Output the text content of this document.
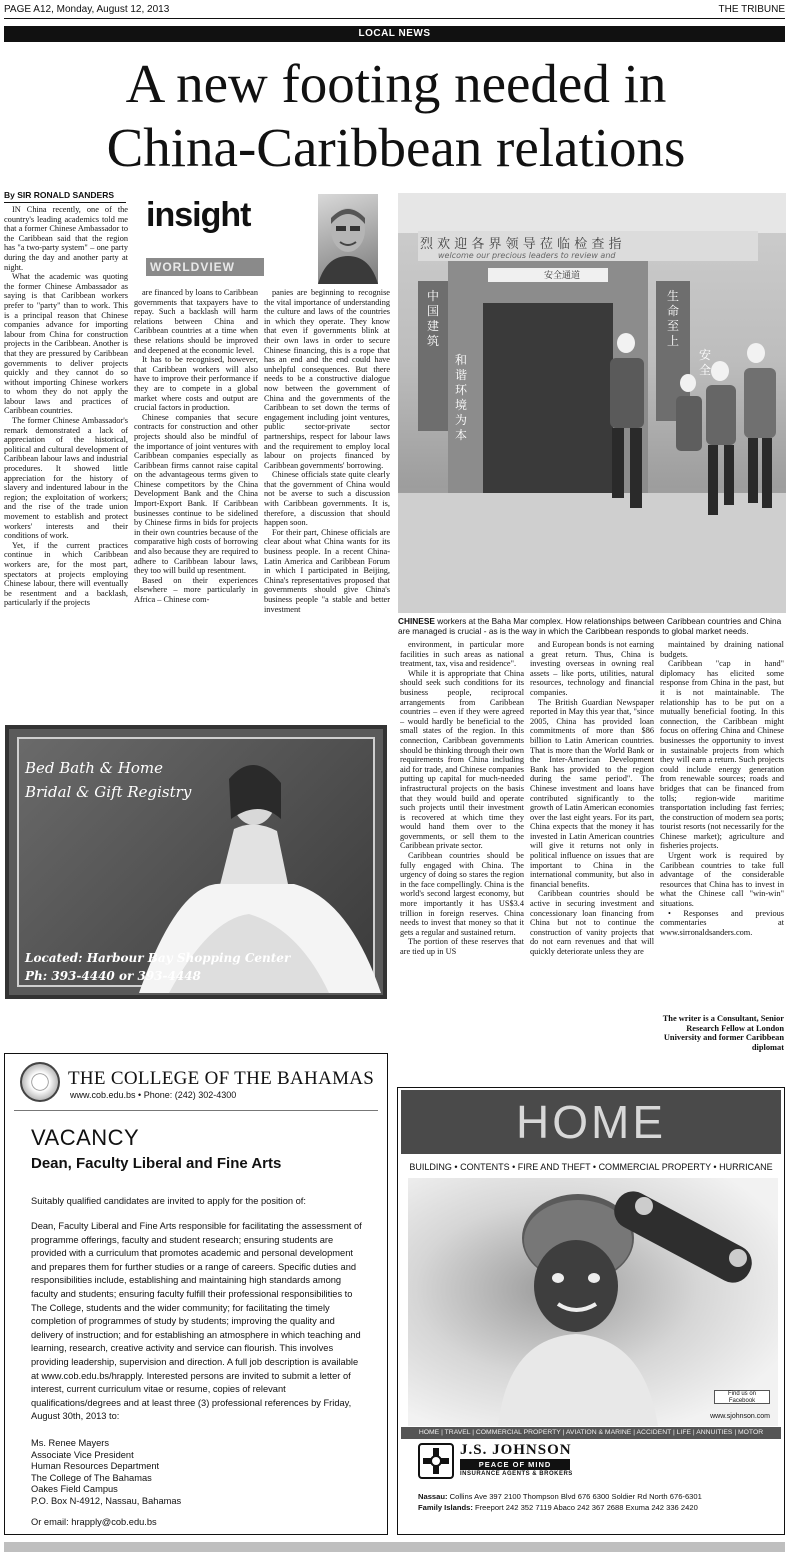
PAGE A12, Monday, August 12, 2013	THE TRIBUNE
LOCAL NEWS
A new footing needed in
China-Caribbean relations
By SIR RONALD SANDERS
insight
WORLDVIEW

IN China recently, one of the country's leading academics told me that a former Chinese Ambassador to the Caribbean said that the region has "a two-party system" – one party during the day and another party at night.

What the academic was quoting the former Chinese Ambassador as saying is that Caribbean workers prefer to "party" than to work. This is a principal reason that Chinese companies advance for importing labour from China for construction projects in the Caribbean. Another is that they are pressured by Caribbean governments to deliver projects quickly and they cannot do so without importing Chinese workers to whom they do not apply the labour laws and practices of Caribbean countries.

The former Chinese Ambassador's remark demonstrated a lack of appreciation of the historical, political and cultural development of Caribbean labour laws and industrial procedures. It showed little appreciation for the history of slavery and indentured labour in the region; the exploitation of workers; and the rise of the trade union movement to establish and protect workers' interests and their conditions of work.

Yet, if the current practices continue in which Caribbean workers are, for the most part, spectators at projects employing Chinese labour, there will eventually be resentment and a backlash, particularly if the projects

are financed by loans to Caribbean governments that taxpayers have to repay. Such a backlash will harm relations between China and Caribbean countries at a time when these relations should be improved and deepened at the economic level.

It has to be recognised, however, that Caribbean workers will also have to improve their performance if they are to compete in a global market where costs and output are crucial factors in production.

Chinese companies that secure contracts for construction and other projects should also be mindful of the importance of joint ventures with Caribbean companies especially as Caribbean firms cannot raise capital on the advantageous terms given to Chinese competitors by the China Development Bank and the China Import-Export Bank. If Caribbean businesses continue to be sidelined by Chinese firms in bids for projects in their own countries because of the comparative high costs of borrowing and also because they are required to adhere to Caribbean labour laws, they too will build up resentment.

Based on their experiences elsewhere – more particularly in Africa – Chinese com-

panies are beginning to recognise the vital importance of understanding the culture and laws of the countries in which they operate. They know that even if governments blink at their own laws in order to secure Chinese financing, this is a rope that has an end and the end could have unhelpful consequences. But there needs to be a constructive dialogue now between the government of China and the governments of the Caribbean to set down the terms of engagement including joint ventures, public sector-private sector partnerships, respect for labour laws and the requirement to employ local labour on projects financed by Caribbean governments' borrowing.

Chinese officials state quite clearly that the government of China would not be averse to such a discussion with Caribbean governments. It is, therefore, a discussion that should happen soon.

For their part, Chinese officials are clear about what China wants for its business people. In a recent China-Latin America and Caribbean Forum in which I participated in Beijing, China's representatives proposed that governments should give China's business people "a stable and better investment

environment, in particular more facilities in such areas as national treatment, tax, visa and residence".

While it is appropriate that China should seek such conditions for its business people, reciprocal arrangements from Caribbean countries – even if they were agreed – would hardly be beneficial to the small states of the region. In this connection, Caribbean governments should be thinking through their own requirements from China including aid for trade, and Chinese companies putting up capital for much-needed infrastructural projects on the basis that they would build and operate such projects until their investment is recovered at which time they would hand them over to the governments, or sell them to the Caribbean private sector.

Caribbean countries should be fully engaged with China. The urgency of doing so stares the region in the face compellingly. China is the world's second largest economy, but more importantly it has US$3.4 trillion in foreign reserves. China needs to invest that money so that it gets a regular and sustained return.

The portion of these reserves that are tied up in US

and European bonds is not earning a great return. Thus, China is investing overseas in owning real assets – like ports, utilities, natural resources, technology and financial companies.

The British Guardian Newspaper reported in May this year that, "since 2005, China has provided loan commitments of more than $86 billion to Latin American countries. That is more than the World Bank or the Inter-American Development Bank has provided to the region during the same period". The Chinese investment and loans have contributed significantly to the growth of Latin American economies over the last eight years. For its part, China expects that the money it has invested in Latin American countries will give it returns not only in political influence on issues that are important to China in the international community, but also in financial benefits.

Caribbean countries should be active in securing investment and concessionary loan financing from China but not to continue the construction of vanity projects that do not earn revenues and that will quickly deteriorate unless they are

maintained by draining national budgets.

Caribbean "cap in hand" diplomacy has elicited some response from China in the past, but it is not maintainable. The relationship has to be put on a mutually beneficial footing. In this connection, the Caribbean might focus on offering China and Chinese businesses the opportunity to invest in sustainable projects from which they will earn a return. Such projects could include energy generation from renewable sources; roads and bridges that can be financed from tolls; region-wide maritime transportation including fast ferries; the construction of modern sea ports; tourist resorts (not necessarily for the Chinese market); agriculture and fisheries projects.

Urgent work is required by Caribbean countries to take full advantage of the considerable resources that China has to invest in what the Chinese call "win-win" situations.

• Responses and previous commentaries at www.sirronaldsanders.com.

The writer is a Consultant, Senior Research Fellow at London University and former Caribbean diplomat
烈 欢 迎 各 界 领 导 莅 临 检 查 指
welcome our precious leaders to review and
安全通道
中国建筑
和谐环境为本
生命至上
安全
CHINESE workers at the Baha Mar complex. How relationships between Caribbean countries and China are managed is crucial - as is the way in which the Caribbean responds to global market needs.
Bed Bath & Home
Bridal & Gift Registry
Located: Harbour Bay Shopping Center
Ph: 393-4440 or 393-4448
THE COLLEGE OF THE BAHAMAS
www.cob.edu.bs • Phone: (242) 302-4300
VACANCY
Dean, Faculty Liberal and Fine Arts
Suitably qualified candidates are invited to apply for the position of:
Dean, Faculty Liberal and Fine Arts responsible for facilitating the assessment of programme offerings, faculty and student research; ensuring students are provided with a curriculum that promotes academic and personal development and prepares them for further studies or a range of careers. Specific duties and responsibilities include, establishing and maintaining high standards among faculty and students; ensuring faculty fulfill their professional responsibilities to The College, students and the wider community; for facilitating the timely completion of programmes of study by students; improving the quality and delivery of instruction; and for establishing an atmosphere in which teaching and learning, research, creative activity and service can flourish. This involves providing leadership, supervision and direction. A full job description is available at www.cob.edu.bs/hrapply. Interested persons are invited to submit a letter of interest, current curriculum vitae or resume, copies of relevant qualifications/degrees and at least three (3) professional references by Friday, August 30th, 2013 to:
Ms. Renee Mayers
Associate Vice President
Human Resources Department
The College of The Bahamas
Oakes Field Campus
P.O. Box N-4912, Nassau, Bahamas
Or email: hrapply@cob.edu.bs
HOME
BUILDING • CONTENTS • FIRE AND THEFT • COMMERCIAL PROPERTY • HURRICANE
Find us on
Facebook
www.sjohnson.com
HOME | TRAVEL | COMMERCIAL PROPERTY | AVIATION & MARINE | ACCIDENT | LIFE | ANNUITIES | MOTOR
J.S. JOHNSON
PEACE OF MIND
INSURANCE AGENTS & BROKERS
Nassau: Collins Ave 397 2100 Thompson Blvd 676 6300 Soldier Rd North 676-6301
Family Islands: Freeport 242 352 7119 Abaco 242 367 2688 Exuma 242 336 2420
